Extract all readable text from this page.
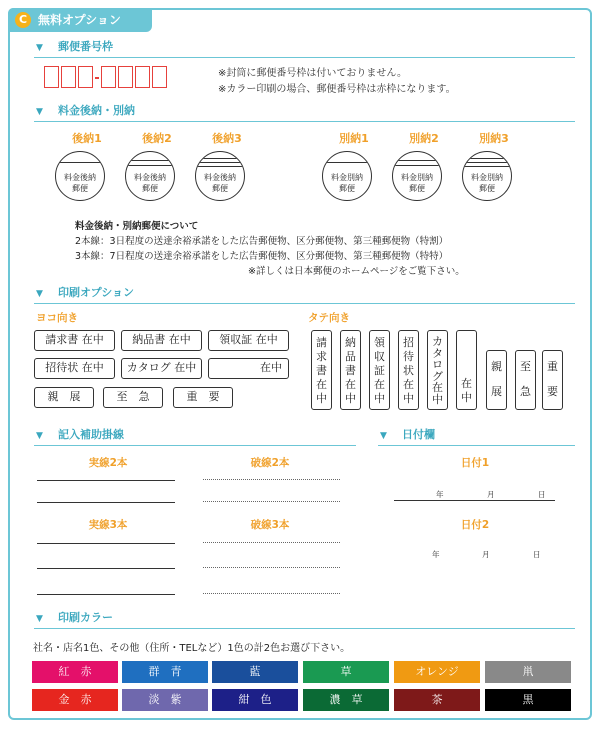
C 無料オプション
▼ 郵便番号枠
※封筒に郵便番号枠は付いておりません。
※カラー印刷の場合、郵便番号枠は赤枠になります。
▼ 料金後納・別納
後納1	後納2	後納3	別納1	別納2	別納3
料金後納
郵便
料金後納
郵便
料金後納
郵便
料金別納
郵便
料金別納
郵便
料金別納
郵便
料金後納・別納郵便について
2本線：3日程度の送達余裕承諾をした広告郵便物、区分郵便物、第三種郵便物（特割）
3本線：7日程度の送達余裕承諾をした広告郵便物、区分郵便物、第三種郵便物（特特）
※詳しくは日本郵便のホームページをご覧下さい。
▼ 印刷オプション
ヨコ向き	タテ向き
請求書 在中	納品書 在中	領収証 在中
招待状 在中	カタログ 在中	在中
親　展	至　急	重　要
請
求
書
在
中
納
品
書
在
中
領
収
証
在
中
招
待
状
在
中
カ
タ
ロ
グ
在
中
在
中
親
展
至
急
重
要
▼ 記入補助掛線	▼ 日付欄
実線2本	破線2本
実線3本	破線3本
日付1
年	月	日
日付2
年	月	日
▼ 印刷カラー
社名・店名1色、その他（住所・TELなど）1色の計2色お選び下さい。
紅　赤	群　青	藍	草	オレンジ	鼡
金　赤	淡　紫	紺　色	濃　草	茶	黒
